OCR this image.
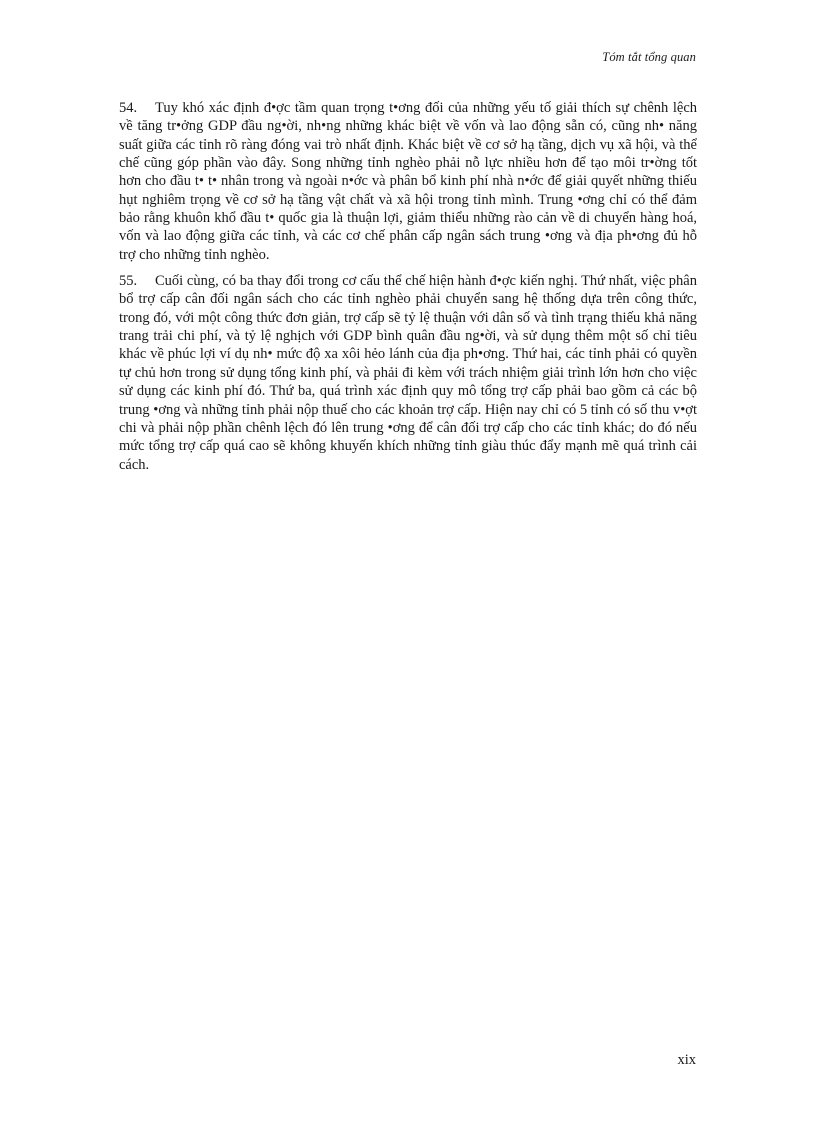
Tóm tắt tổng quan

54. Tuy khó xác định đ•ợc tầm quan trọng t•ơng đối của những yếu tố giải thích sự chênh lệch về tăng tr•ởng GDP đầu ng•ời, nh•ng những khác biệt về vốn và lao động sẵn có, cũng nh• năng suất giữa các tỉnh rõ ràng đóng vai trò nhất định. Khác biệt về cơ sở hạ tầng, dịch vụ xã hội, và thể chế cũng góp phần vào đây. Song những tỉnh nghèo phải nỗ lực nhiều hơn để tạo môi tr•ờng tốt hơn cho đầu t• t• nhân trong và ngoài n•ớc và phân bổ kinh phí nhà n•ớc để giải quyết những thiếu hụt nghiêm trọng về cơ sở hạ tầng vật chất và xã hội trong tỉnh mình. Trung •ơng chỉ có thể đảm bảo rằng khuôn khổ đầu t• quốc gia là thuận lợi, giảm thiểu những rào cản về di chuyển hàng hoá, vốn và lao động giữa các tỉnh, và các cơ chế phân cấp ngân sách trung •ơng và địa ph•ơng đủ hỗ trợ cho những tỉnh nghèo.

55. Cuối cùng, có ba thay đổi trong cơ cấu thể chế hiện hành đ•ợc kiến nghị. Thứ nhất, việc phân bổ trợ cấp cân đối ngân sách cho các tỉnh nghèo phải chuyển sang hệ thống dựa trên công thức, trong đó, với một công thức đơn giản, trợ cấp sẽ tỷ lệ thuận với dân số và tình trạng thiếu khả năng trang trải chi phí, và tỷ lệ nghịch với GDP bình quân đầu ng•ời, và sử dụng thêm một số chỉ tiêu khác về phúc lợi ví dụ nh• mức độ xa xôi hẻo lánh của địa ph•ơng. Thứ hai, các tỉnh phải có quyền tự chủ hơn trong sử dụng tổng kinh phí, và phải đi kèm với trách nhiệm giải trình lớn hơn cho việc sử dụng các kinh phí đó. Thứ ba, quá trình xác định quy mô tổng trợ cấp phải bao gồm cả các bộ trung •ơng và những tỉnh phải nộp thuế cho các khoản trợ cấp. Hiện nay chỉ có 5 tỉnh có số thu v•ợt chi và phải nộp phần chênh lệch đó lên trung •ơng để cân đối trợ cấp cho các tỉnh khác; do đó nếu mức tổng trợ cấp quá cao sẽ không khuyến khích những tỉnh giàu thúc đẩy mạnh mẽ quá trình cải cách.

xix
